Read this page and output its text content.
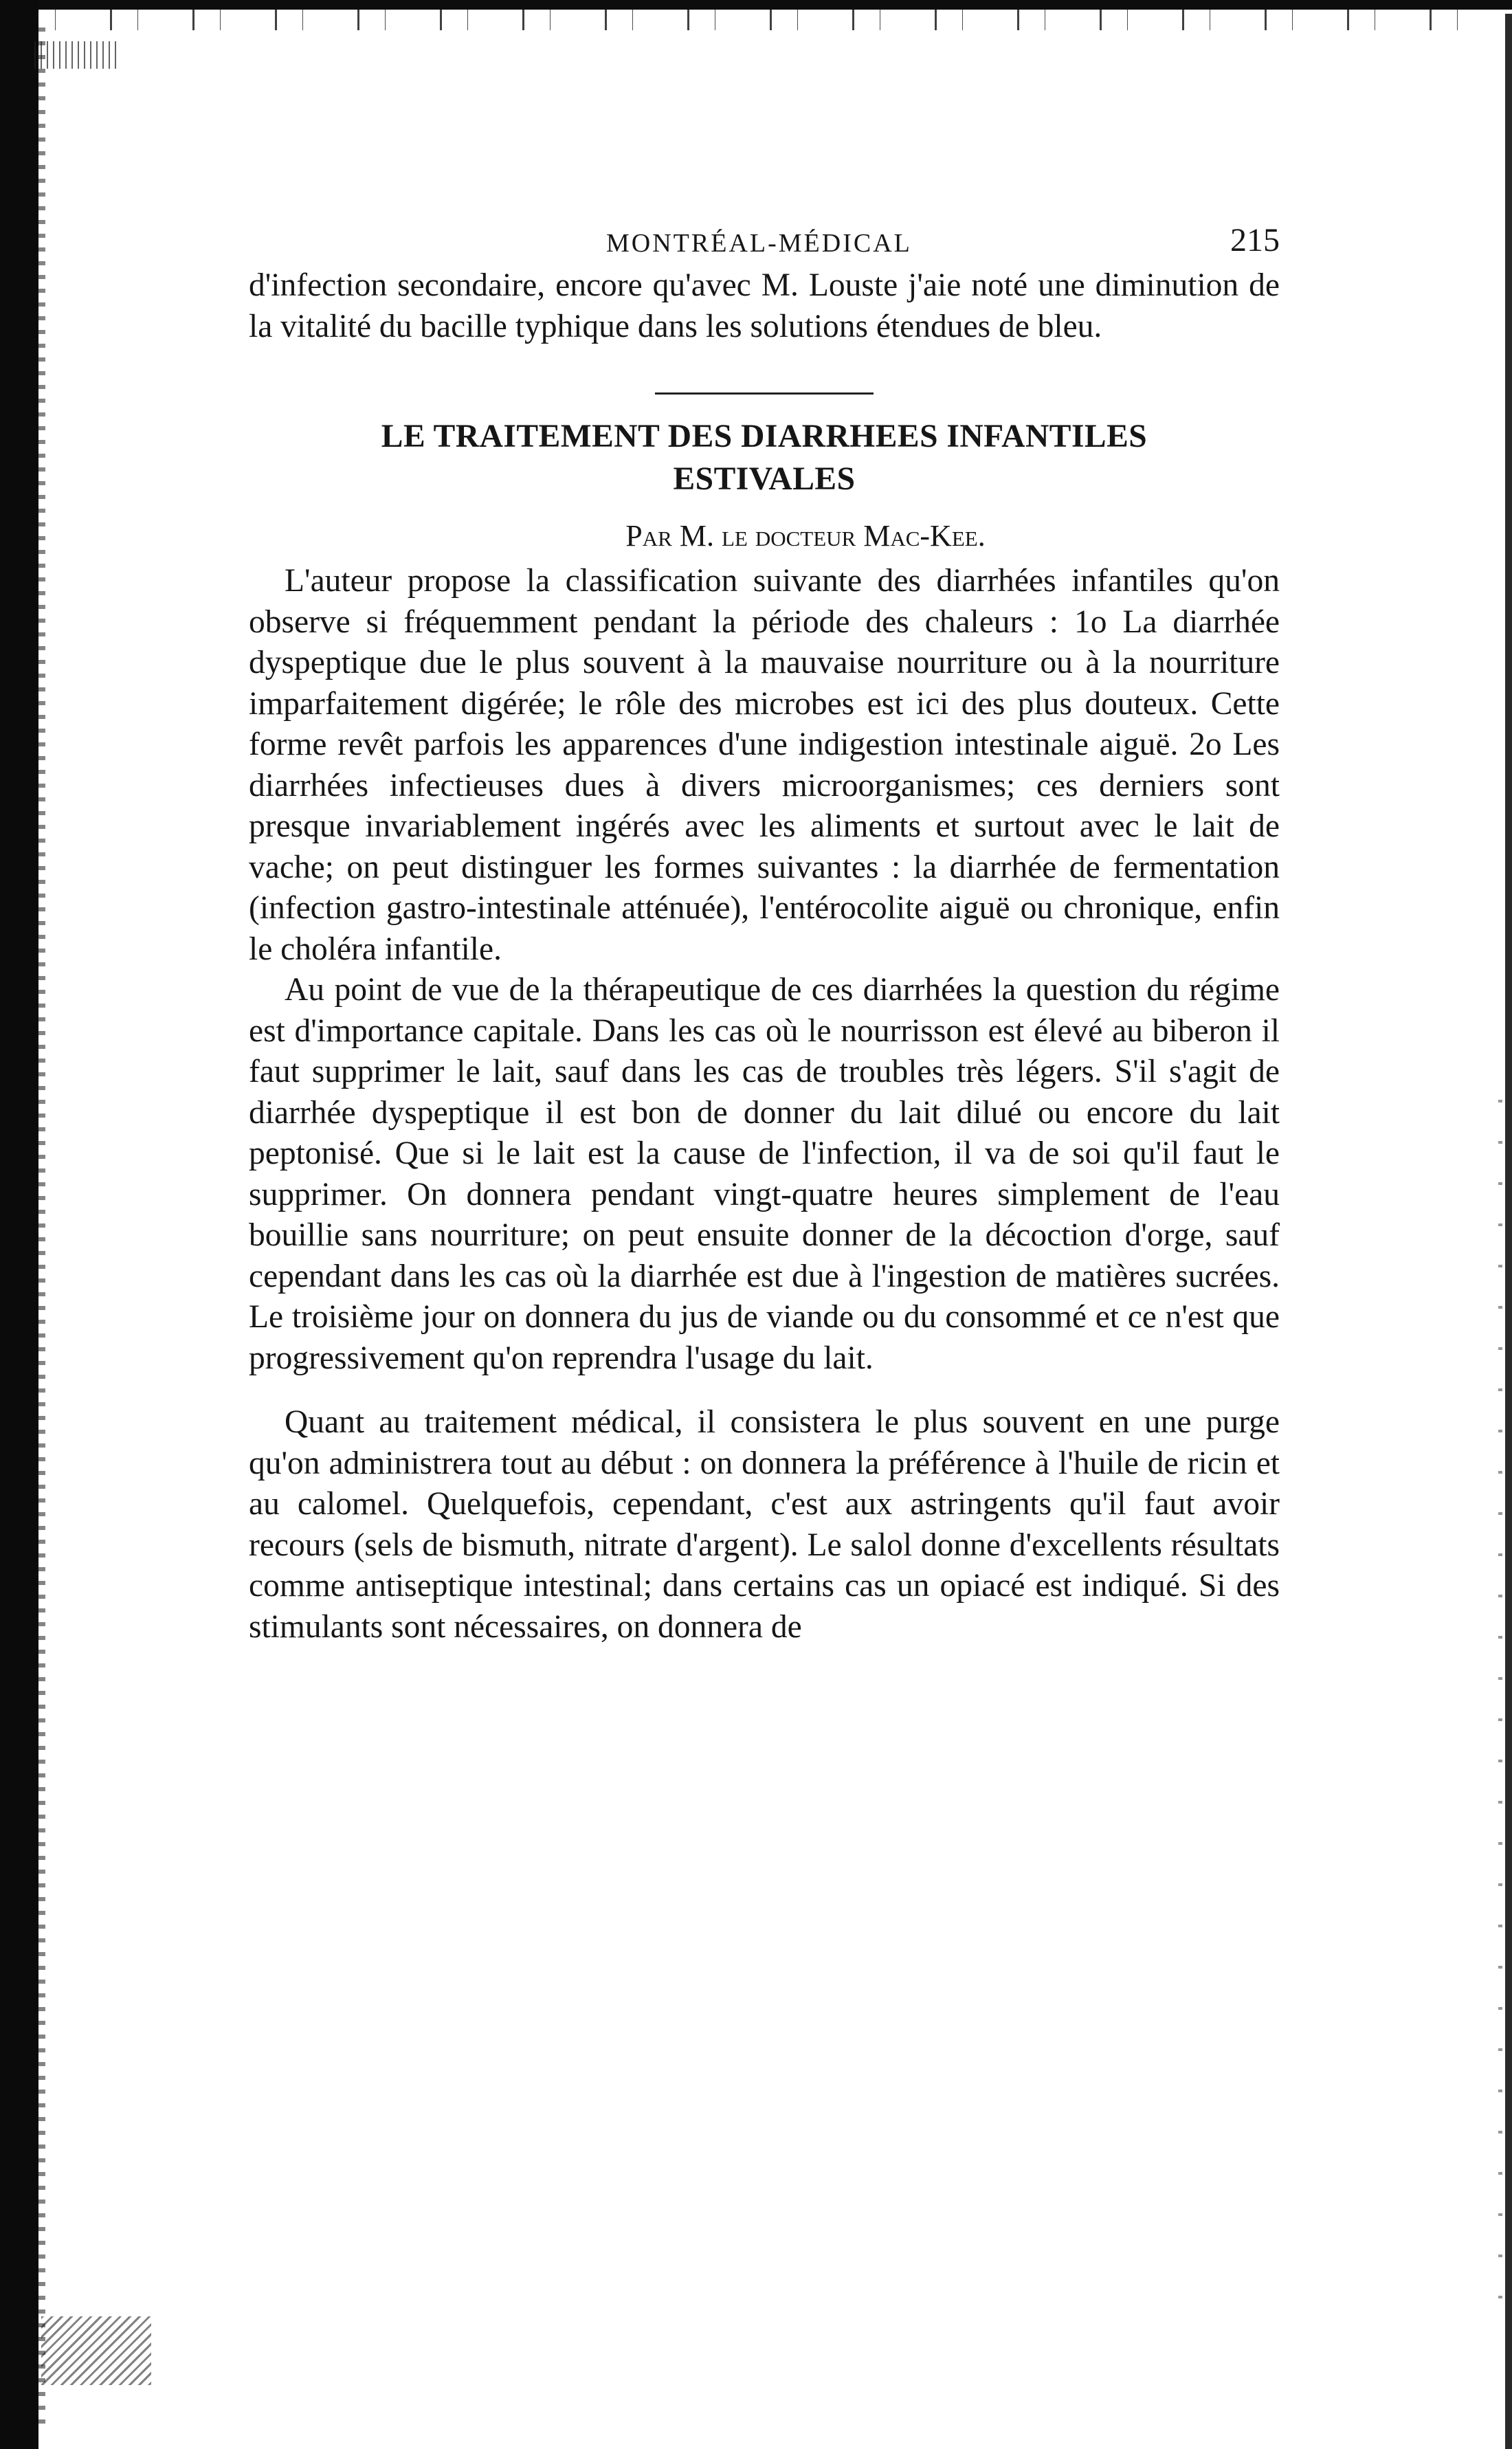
MONTRÉAL-MÉDICAL	215

d'infection secondaire, encore qu'avec M. Louste j'aie noté une diminution de la vitalité du bacille typhique dans les solutions étendues de bleu.

LE TRAITEMENT DES DIARRHEES INFANTILES
ESTIVALES
Par M. le docteur Mac-Kee.

L'auteur propose la classification suivante des diarrhées infantiles qu'on observe si fréquemment pendant la période des chaleurs : 1o La diarrhée dyspeptique due le plus souvent à la mauvaise nourriture ou à la nourriture imparfaitement digérée; le rôle des microbes est ici des plus douteux. Cette forme revêt parfois les apparences d'une indigestion intestinale aiguë. 2o Les diarrhées infectieuses dues à divers microorganismes; ces derniers sont presque invariablement ingérés avec les aliments et surtout avec le lait de vache; on peut distinguer les formes suivantes : la diarrhée de fermentation (infection gastro-intestinale atténuée), l'entérocolite aiguë ou chronique, enfin le choléra infantile.

Au point de vue de la thérapeutique de ces diarrhées la question du régime est d'importance capitale. Dans les cas où le nourrisson est élevé au biberon il faut supprimer le lait, sauf dans les cas de troubles très légers. S'il s'agit de diarrhée dyspeptique il est bon de donner du lait dilué ou encore du lait peptonisé. Que si le lait est la cause de l'infection, il va de soi qu'il faut le supprimer. On donnera pendant vingt-quatre heures simplement de l'eau bouillie sans nourriture; on peut ensuite donner de la décoction d'orge, sauf cependant dans les cas où la diarrhée est due à l'ingestion de matières sucrées. Le troisième jour on donnera du jus de viande ou du consommé et ce n'est que progressivement qu'on reprendra l'usage du lait.

Quant au traitement médical, il consistera le plus souvent en une purge qu'on administrera tout au début : on donnera la préférence à l'huile de ricin et au calomel. Quelquefois, cependant, c'est aux astringents qu'il faut avoir recours (sels de bismuth, nitrate d'argent). Le salol donne d'excellents résultats comme antiseptique intestinal; dans certains cas un opiacé est indiqué. Si des stimulants sont nécessaires, on donnera de
